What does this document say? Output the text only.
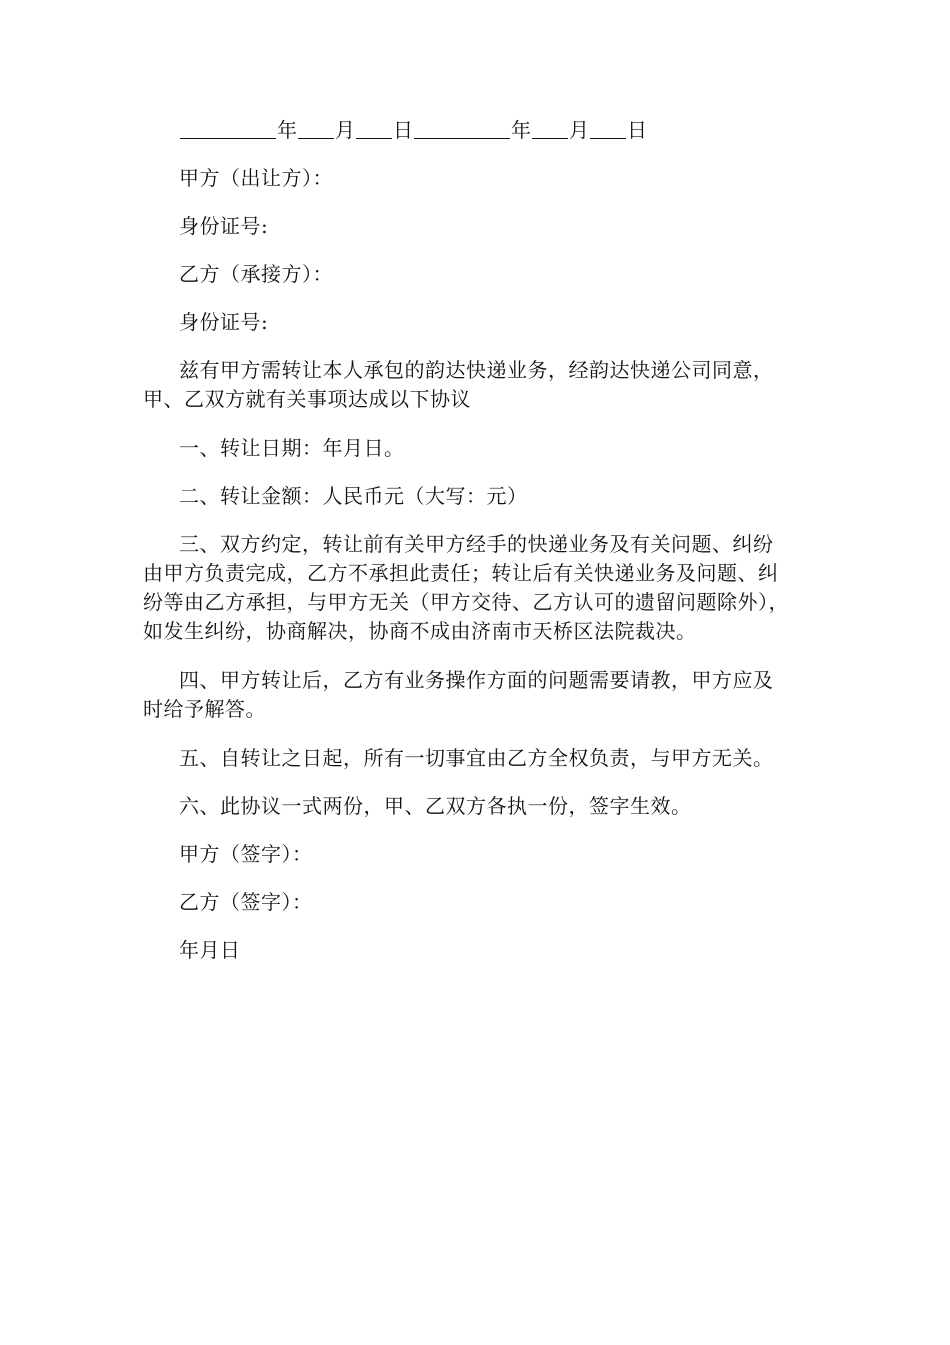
年 月 日	年 月 日

甲方（出让方）：

身份证号:

乙方（承接方）：

身份证号:

兹有甲方需转让本人承包的韵达快递业务，经韵达快递公司同意，甲、乙双方就有关事项达成以下协议

一、转让日期：年月日。

二、转让金额：人民币元（大写：元）

三、双方约定，转让前有关甲方经手的快递业务及有关问题、纠纷由甲方负责完成，乙方不承担此责任；转让后有关快递业务及问题、纠纷等由乙方承担，与甲方无关（甲方交待、乙方认可的遗留问题除外），如发生纠纷，协商解决，协商不成由济南市天桥区法院裁决。

四、甲方转让后，乙方有业务操作方面的问题需要请教，甲方应及时给予解答。

五、自转让之日起，所有一切事宜由乙方全权负责，与甲方无关。

六、此协议一式两份，甲、乙双方各执一份，签字生效。

甲方（签字）：

乙方（签字）：

年月日
